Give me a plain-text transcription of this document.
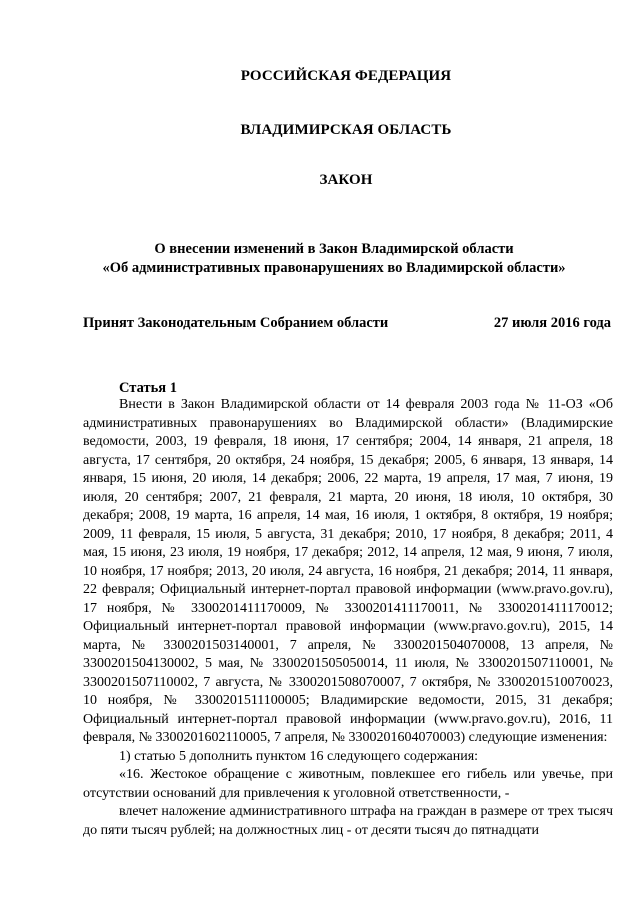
РОССИЙСКАЯ ФЕДЕРАЦИЯ
ВЛАДИМИРСКАЯ ОБЛАСТЬ
ЗАКОН
О внесении изменений в Закон Владимирской области
«Об административных правонарушениях во Владимирской области»
Принят Законодательным Собранием области	27 июля 2016 года
Статья 1

Внести в Закон Владимирской области от 14 февраля 2003 года № 11-ОЗ «Об административных правонарушениях во Владимирской области» (Владимирские ведомости, 2003, 19 февраля, 18 июня, 17 сентября; 2004, 14 января, 21 апреля, 18 августа, 17 сентября, 20 октября, 24 ноября, 15 декабря; 2005, 6 января, 13 января, 14 января, 15 июня, 20 июля, 14 декабря; 2006, 22 марта, 19 апреля, 17 мая, 7 июня, 19 июля, 20 сентября; 2007, 21 февраля, 21 марта, 20 июня, 18 июля, 10 октября, 30 декабря; 2008, 19 марта, 16 апреля, 14 мая, 16 июля, 1 октября, 8 октября, 19 ноября; 2009, 11 февраля, 15 июля, 5 августа, 31 декабря; 2010, 17 ноября, 8 декабря; 2011, 4 мая, 15 июня, 23 июля, 19 ноября, 17 декабря; 2012, 14 апреля, 12 мая, 9 июня, 7 июля, 10 ноября, 17 ноября; 2013, 20 июля, 24 августа, 16 ноября, 21 декабря; 2014, 11 января, 22 февраля; Официальный интернет-портал правовой информации (www.pravo.gov.ru), 17 ноября, № 3300201411170009, № 3300201411170011, № 3300201411170012; Официальный интернет-портал правовой информации (www.pravo.gov.ru), 2015, 14 марта, № 3300201503140001, 7 апреля, № 3300201504070008, 13 апреля, № 3300201504130002, 5 мая, № 3300201505050014, 11 июля, № 3300201507110001, № 3300201507110002, 7 августа, № 3300201508070007, 7 октября, № 3300201510070023, 10 ноября, № 3300201511100005; Владимирские ведомости, 2015, 31 декабря; Официальный интернет-портал правовой информации (www.pravo.gov.ru), 2016, 11 февраля, № 3300201602110005, 7 апреля, № 3300201604070003) следующие изменения:

1) статью 5 дополнить пунктом 16 следующего содержания:

«16. Жестокое обращение с животным, повлекшее его гибель или увечье, при отсутствии оснований для привлечения к уголовной ответственности, -

влечет наложение административного штрафа на граждан в размере от трех тысяч до пяти тысяч рублей; на должностных лиц - от десяти тысяч до пятнадцати
